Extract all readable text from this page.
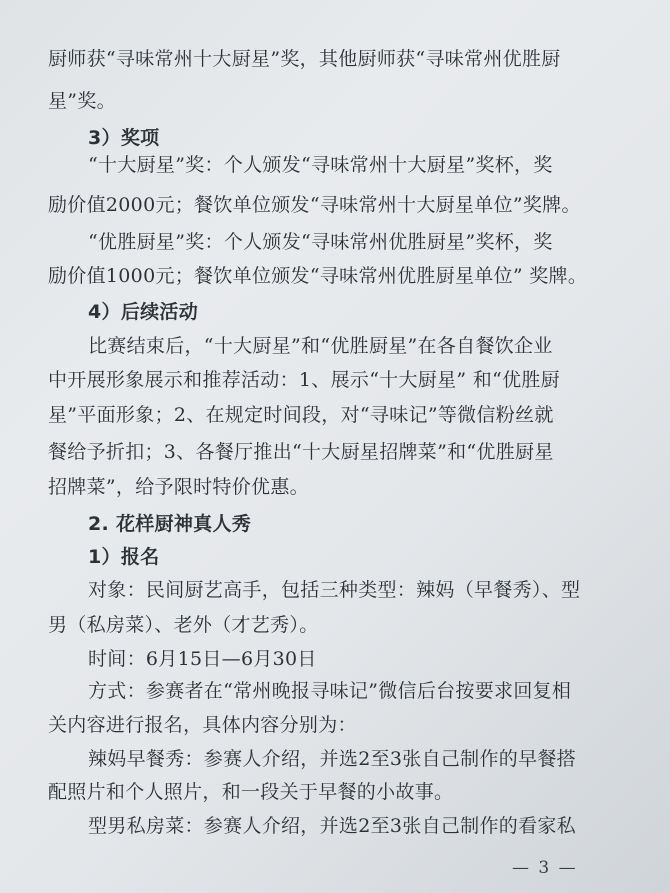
厨师获“寻味常州十大厨星”奖，其他厨师获“寻味常州优胜厨
星”奖。
3）奖项
“十大厨星”奖：个人颁发“寻味常州十大厨星”奖杯，奖
励价值2000元；餐饮单位颁发“寻味常州十大厨星单位”奖牌。
“优胜厨星”奖：个人颁发“寻味常州优胜厨星”奖杯，奖
励价值1000元；餐饮单位颁发“寻味常州优胜厨星单位” 奖牌。
4）后续活动
比赛结束后，“十大厨星”和“优胜厨星”在各自餐饮企业
中开展形象展示和推荐活动：1、展示“十大厨星” 和“优胜厨
星”平面形象；2、在规定时间段，对“寻味记”等微信粉丝就
餐给予折扣；3、各餐厅推出“十大厨星招牌菜”和“优胜厨星
招牌菜”，给予限时特价优惠。
2. 花样厨神真人秀
1）报名
对象：民间厨艺高手，包括三种类型：辣妈（早餐秀）、型
男（私房菜）、老外（才艺秀）。
时间：6月15日—6月30日
方式：参赛者在“常州晚报寻味记”微信后台按要求回复相
关内容进行报名，具体内容分别为：
辣妈早餐秀：参赛人介绍，并选2至3张自己制作的早餐搭
配照片和个人照片，和一段关于早餐的小故事。
型男私房菜：参赛人介绍，并选2至3张自己制作的看家私
— 3 —
